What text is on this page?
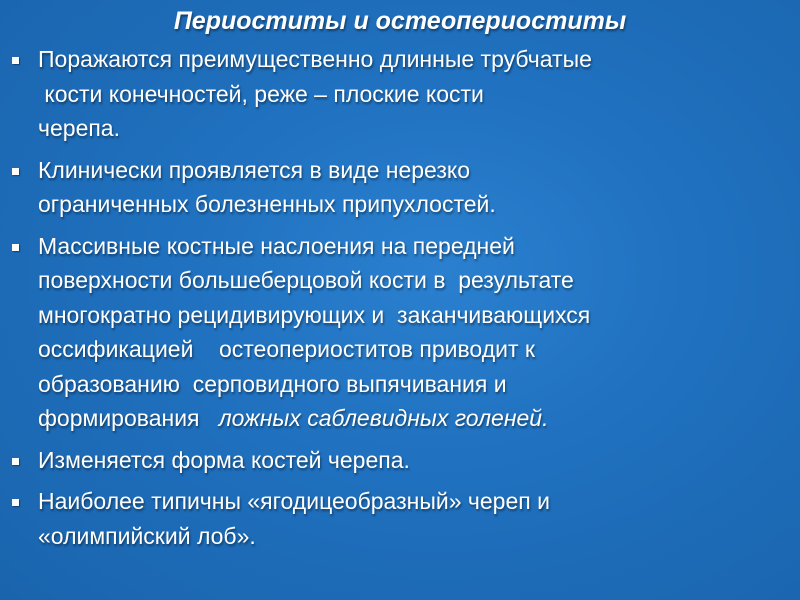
Периоститы и остеопериоститы
Поражаются преимущественно длинные трубчатые
кости конечностей, реже – плоские кости
черепа.
Клинически проявляется в виде нерезко
ограниченных болезненных припухлостей.
Массивные костные наслоения на передней
поверхности большеберцовой кости в  результате
многократно рецидивирующих и  заканчивающихся
оссификацией    остеопериоститов приводит к
образованию  серповидного выпячивания и
формирования   ложных саблевидных голеней.
Изменяется форма костей черепа.
Наиболее типичны «ягодицеобразный» череп и
«олимпийский лоб».
